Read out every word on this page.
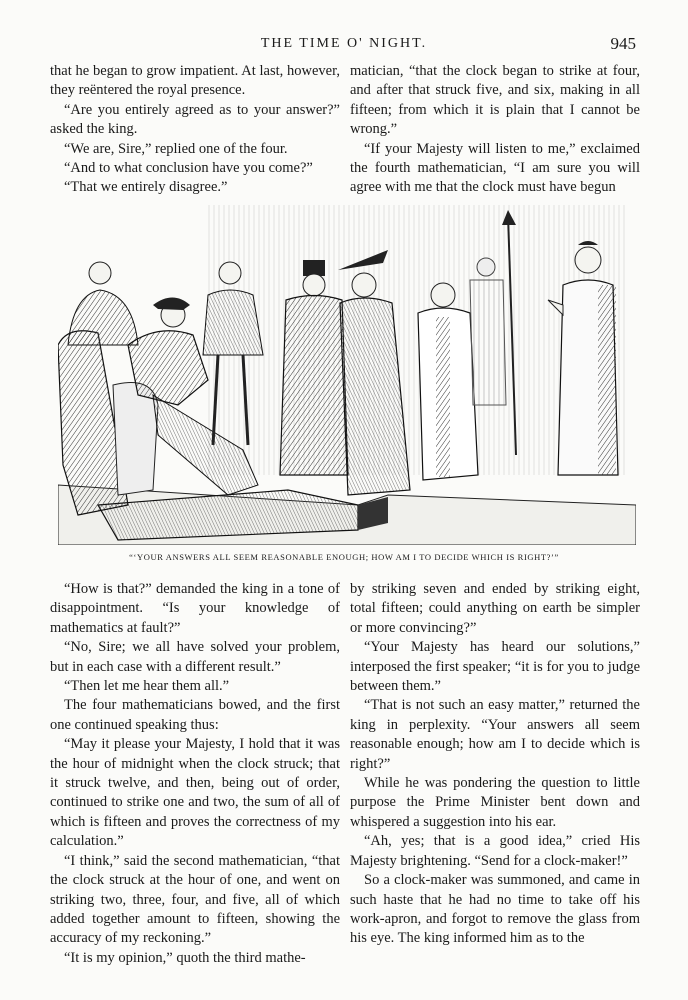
THE TIME O' NIGHT.	945

that he began to grow impatient. At last, however, they reëntered the royal presence.

“Are you entirely agreed as to your answer?” asked the king.

“We are, Sire,” replied one of the four.

“And to what conclusion have you come?”

“That we entirely disagree.”

matician, “that the clock began to strike at four, and after that struck five, and six, making in all fifteen; from which it is plain that I cannot be wrong.”

“If your Majesty will listen to me,” exclaimed the fourth mathematician, “I am sure you will agree with me that the clock must have begun

“‘YOUR ANSWERS ALL SEEM REASONABLE ENOUGH; HOW AM I TO DECIDE WHICH IS RIGHT?’”

“How is that?” demanded the king in a tone of disappointment. “Is your knowledge of mathematics at fault?”

“No, Sire; we all have solved your problem, but in each case with a different result.”

“Then let me hear them all.”

The four mathematicians bowed, and the first one continued speaking thus:

“May it please your Majesty, I hold that it was the hour of midnight when the clock struck; that it struck twelve, and then, being out of order, continued to strike one and two, the sum of all of which is fifteen and proves the correctness of my calculation.”

“I think,” said the second mathematician, “that the clock struck at the hour of one, and went on striking two, three, four, and five, all of which added together amount to fifteen, showing the accuracy of my reckoning.”

“It is my opinion,” quoth the third mathe-

by striking seven and ended by striking eight, total fifteen; could anything on earth be simpler or more convincing?”

“Your Majesty has heard our solutions,” interposed the first speaker; “it is for you to judge between them.”

“That is not such an easy matter,” returned the king in perplexity. “Your answers all seem reasonable enough; how am I to decide which is right?”

While he was pondering the question to little purpose the Prime Minister bent down and whispered a suggestion into his ear.

“Ah, yes; that is a good idea,” cried His Majesty brightening. “Send for a clock-maker!”

So a clock-maker was summoned, and came in such haste that he had no time to take off his work-apron, and forgot to remove the glass from his eye. The king informed him as to the
